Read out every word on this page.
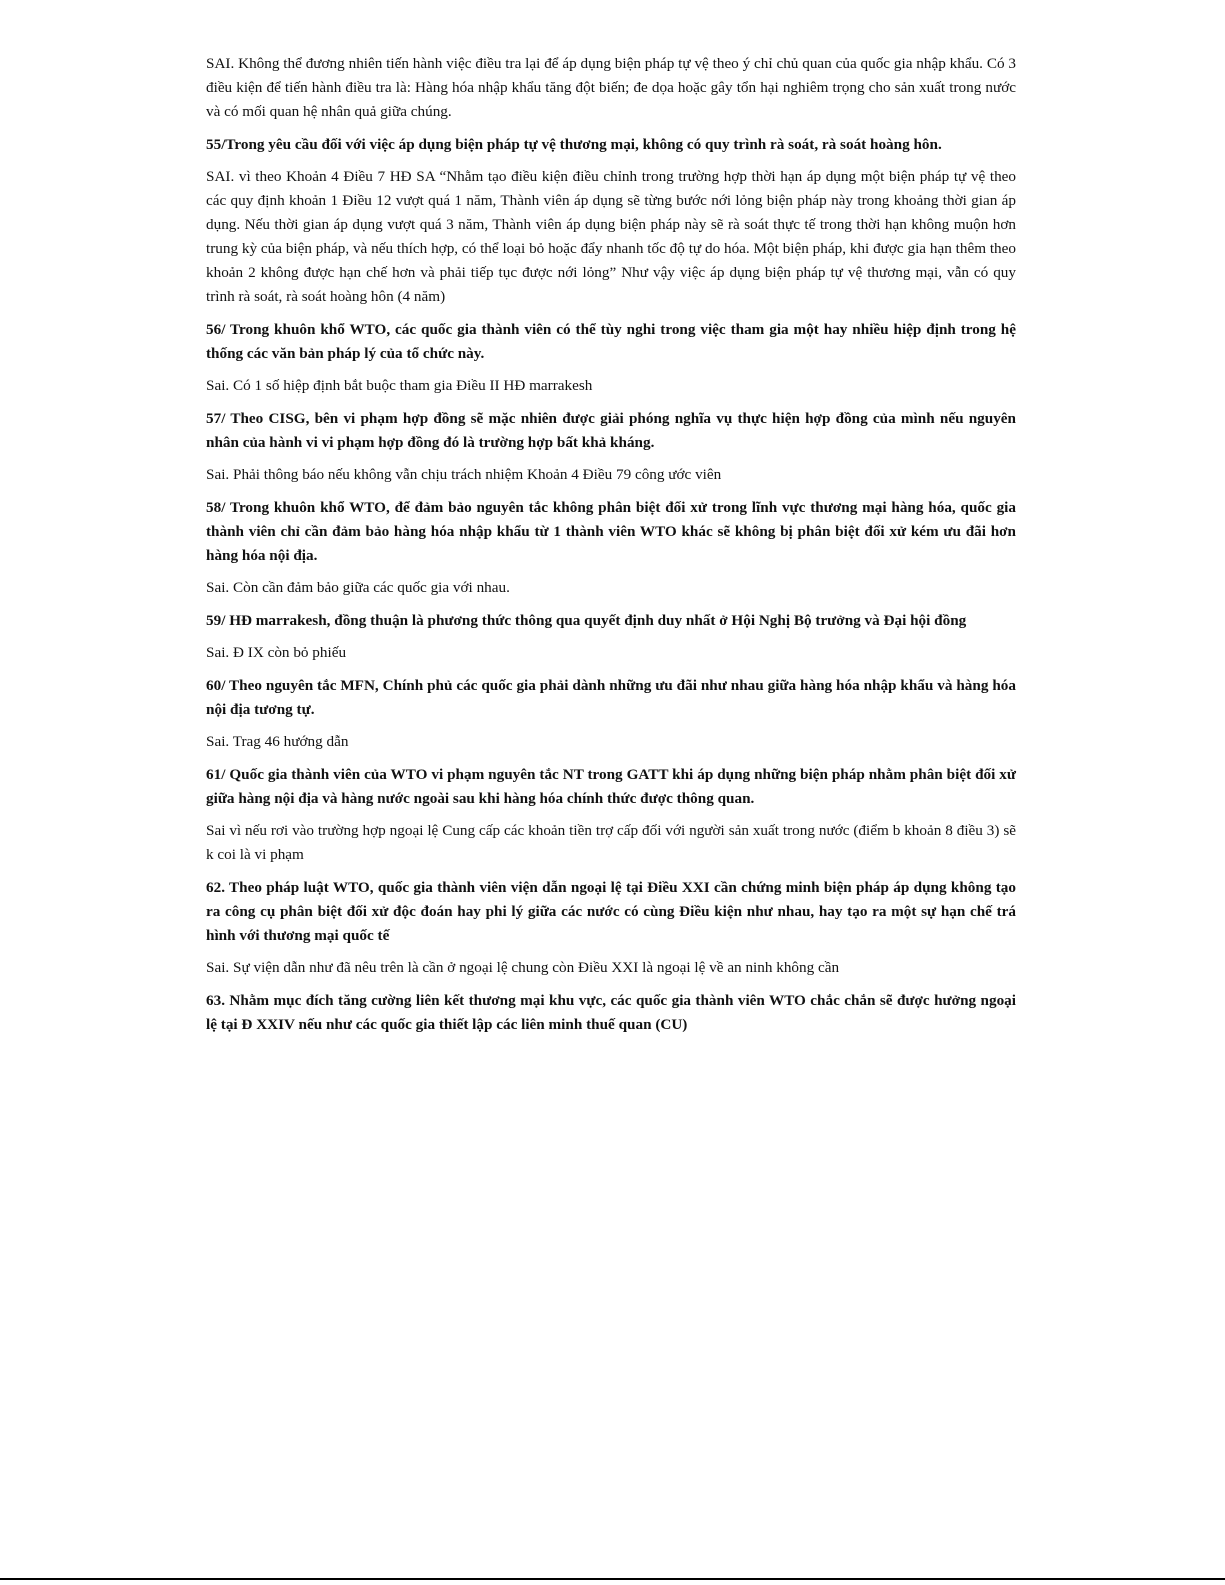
SAI. Không thể đương nhiên tiến hành việc điều tra lại để áp dụng biện pháp tự vệ theo ý chỉ chủ quan của quốc gia nhập khẩu. Có 3 điều kiện để tiến hành điều tra là: Hàng hóa nhập khẩu tăng đột biến; đe dọa hoặc gây tổn hại nghiêm trọng cho sản xuất trong nước và có mối quan hệ nhân quả giữa chúng.

55/Trong yêu cầu đối với việc áp dụng biện pháp tự vệ thương mại, không có quy trình rà soát, rà soát hoàng hôn.

SAI. vì theo Khoản 4 Điều 7 HĐ SA “Nhằm tạo điều kiện điều chỉnh trong trường hợp thời hạn áp dụng một biện pháp tự vệ theo các quy định khoản 1 Điều 12 vượt quá 1 năm, Thành viên áp dụng sẽ từng bước nới lỏng biện pháp này trong khoảng thời gian áp dụng. Nếu thời gian áp dụng vượt quá 3 năm, Thành viên áp dụng biện pháp này sẽ rà soát thực tế trong thời hạn không muộn hơn trung kỳ của biện pháp, và nếu thích hợp, có thể loại bỏ hoặc đẩy nhanh tốc độ tự do hóa. Một biện pháp, khi được gia hạn thêm theo khoản 2 không được hạn chế hơn và phải tiếp tục được nới lỏng” Như vậy việc áp dụng biện pháp tự vệ thương mại, vẫn có quy trình rà soát, rà soát hoàng hôn (4 năm)

56/ Trong khuôn khổ WTO, các quốc gia thành viên có thể tùy nghi trong việc tham gia một hay nhiều hiệp định trong hệ thống các văn bản pháp lý của tổ chức này.

Sai. Có 1 số hiệp định bắt buộc tham gia Điều II HĐ marrakesh

57/ Theo CISG, bên vi phạm hợp đồng sẽ mặc nhiên được giải phóng nghĩa vụ thực hiện hợp đồng của mình nếu nguyên nhân của hành vi vi phạm hợp đồng đó là trường hợp bất khả kháng.

Sai. Phải thông báo nếu không vẫn chịu trách nhiệm Khoản 4 Điều 79 công ước viên

58/ Trong khuôn khổ WTO, để đảm bảo nguyên tắc không phân biệt đối xử trong lĩnh vực thương mại hàng hóa, quốc gia thành viên chỉ cần đảm bảo hàng hóa nhập khẩu từ 1 thành viên WTO khác sẽ không bị phân biệt đối xử kém ưu đãi hơn hàng hóa nội địa.

Sai. Còn cần đảm bảo giữa các quốc gia với nhau.

59/ HĐ marrakesh, đồng thuận là phương thức thông qua quyết định duy nhất ở Hội Nghị Bộ trưởng và Đại hội đồng

Sai. Đ IX còn bỏ phiếu

60/ Theo nguyên tắc MFN, Chính phủ các quốc gia phải dành những ưu đãi như nhau giữa hàng hóa nhập khẩu và hàng hóa nội địa tương tự.

Sai. Trag 46 hướng dẫn

61/ Quốc gia thành viên của WTO vi phạm nguyên tắc NT trong GATT khi áp dụng những biện pháp nhằm phân biệt đối xử giữa hàng nội địa và hàng nước ngoài sau khi hàng hóa chính thức được thông quan.

Sai vì nếu rơi vào trường hợp ngoại lệ Cung cấp các khoản tiền trợ cấp đối với người sản xuất trong nước (điểm b khoản 8 điều 3) sẽ k coi là vi phạm

62. Theo pháp luật WTO, quốc gia thành viên viện dẫn ngoại lệ tại Điều XXI cần chứng minh biện pháp áp dụng không tạo ra công cụ phân biệt đối xử độc đoán hay phi lý giữa các nước có cùng Điều kiện như nhau, hay tạo ra một sự hạn chế trá hình với thương mại quốc tế

Sai. Sự viện dẫn như đã nêu trên là cần ở ngoại lệ chung còn Điều XXI là ngoại lệ về an ninh không cần

63. Nhằm mục đích tăng cường liên kết thương mại khu vực, các quốc gia thành viên WTO chắc chắn sẽ được hưởng ngoại lệ tại Đ XXIV nếu như các quốc gia thiết lập các liên minh thuế quan (CU)
